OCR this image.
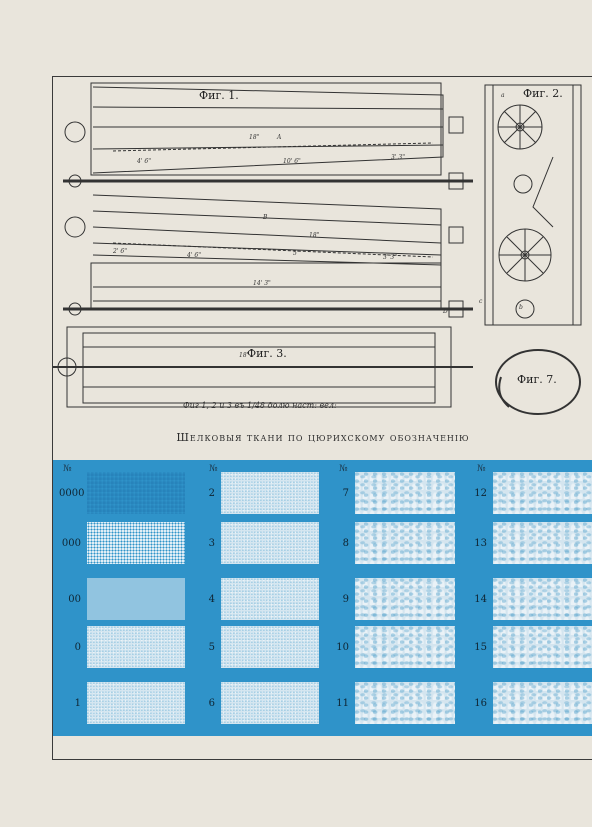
4' 6"	10' 6"
3' 3"
18"
2' 6"
4' 6"	5'
3' 3"
14' 3"
18"
18"
A
B
a
b
c
D
Фиг. 1.	Фиг. 2.
Фиг. 3.
Фиг. 7.
Фиг 1, 2 и 3 въ 1/48 долю наст: вел:
Шелковыя ткани по цюрихскому обозначенію
№
0000
000
00
0
1
№
2
3
4
5
6
№
7
8
9
10
11
№
12
13
14
15
16
